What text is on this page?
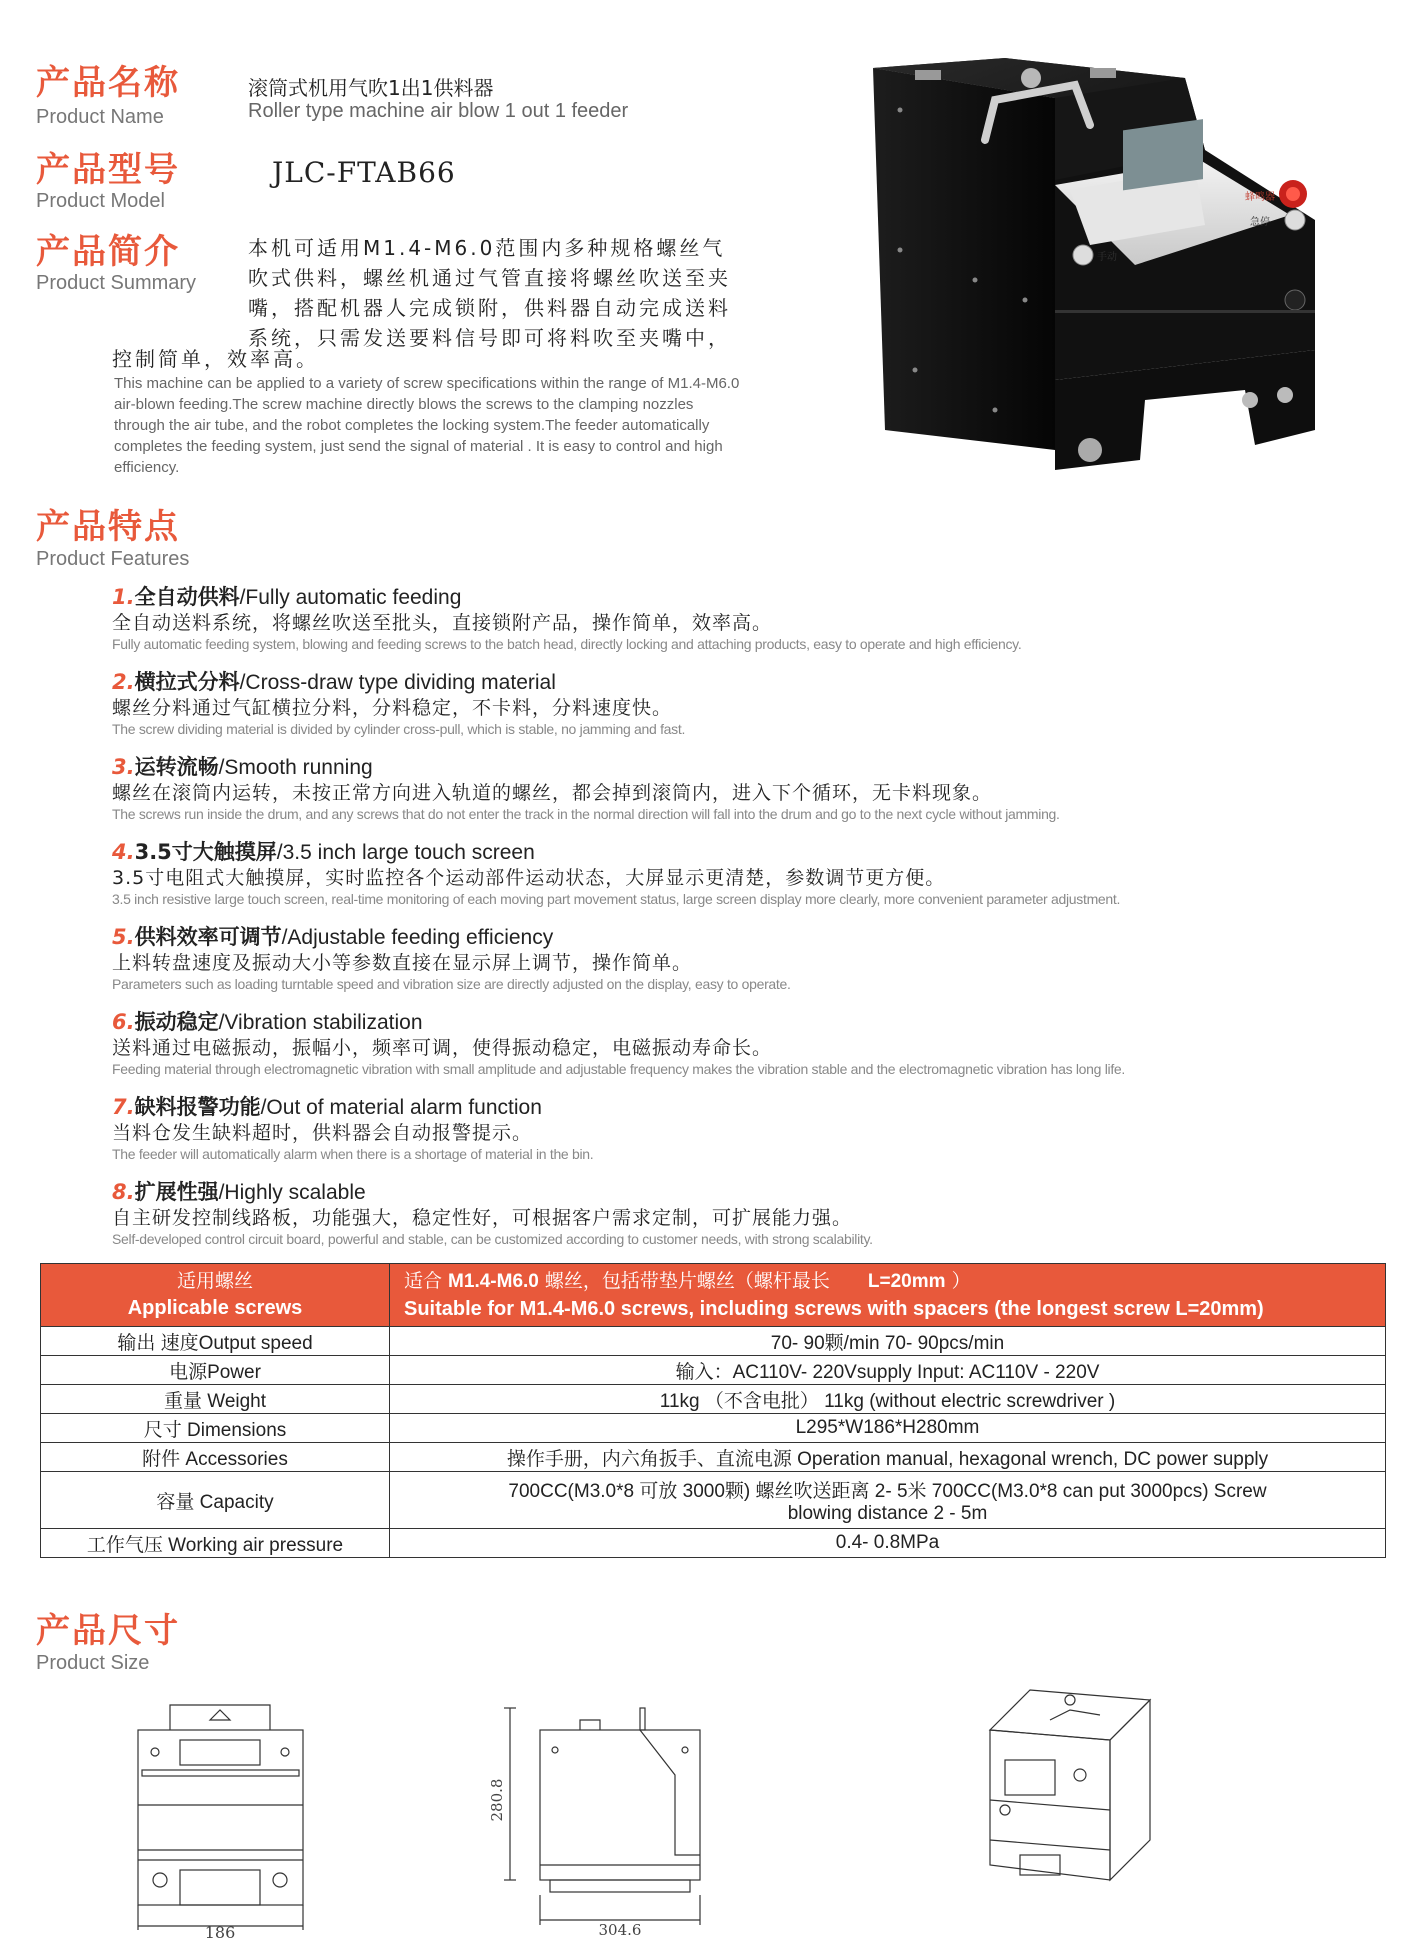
产品名称
Product Name
滚筒式机用气吹1出1供料器
Roller type machine air blow 1 out 1 feeder
产品型号
Product Model
JLC-FTAB66
产品简介
Product Summary
本机可适用M1.4-M6.0范围内多种规格螺丝气
吹式供料，螺丝机通过气管直接将螺丝吹送至夹
嘴，搭配机器人完成锁附，供料器自动完成送料
系统，只需发送要料信号即可将料吹至夹嘴中，
控制简单，效率高。
This machine can be applied to a variety of screw specifications within the range of M1.4-M6.0
air-blown feeding.The screw machine directly blows the screws to the clamping nozzles
through the air tube, and the robot completes the locking system.The feeder automatically
completes the feeding system, just send the signal of material . It is easy to control and high
efficiency.
蜂鸣器
急停
手动
产品特点
Product Features
1.全自动供料/Fully automatic feeding
全自动送料系统，将螺丝吹送至批头，直接锁附产品，操作简单，效率高。
Fully automatic feeding system, blowing and feeding screws to the batch head, directly locking and attaching products, easy to operate and high efficiency.
2.横拉式分料/Cross-draw type dividing material
螺丝分料通过气缸横拉分料，分料稳定，不卡料，分料速度快。
The screw dividing material is divided by cylinder cross-pull, which is stable, no jamming and fast.
3.运转流畅/Smooth running
螺丝在滚筒内运转，未按正常方向进入轨道的螺丝，都会掉到滚筒内，进入下个循环，无卡料现象。
The screws run inside the drum, and any screws that do not enter the track in the normal direction will fall into the drum and go to the next cycle without jamming.
4.3.5寸大触摸屏/3.5 inch large touch screen
3.5寸电阻式大触摸屏，实时监控各个运动部件运动状态，大屏显示更清楚，参数调节更方便。
3.5 inch resistive large touch screen, real-time monitoring of each moving part movement status, large screen display more clearly, more convenient parameter adjustment.
5.供料效率可调节/Adjustable feeding efficiency
上料转盘速度及振动大小等参数直接在显示屏上调节，操作简单。
Parameters such as loading turntable speed and vibration size are directly adjusted on the display, easy to operate.
6.振动稳定/Vibration stabilization
送料通过电磁振动，振幅小，频率可调，使得振动稳定，电磁振动寿命长。
Feeding material through electromagnetic vibration with small amplitude and adjustable frequency makes the vibration stable and the electromagnetic vibration has long life.
7.缺料报警功能/Out of material alarm function
当料仓发生缺料超时，供料器会自动报警提示。
The feeder will automatically alarm when there is a shortage of material in the bin.
8.扩展性强/Highly scalable
自主研发控制线路板，功能强大，稳定性好，可根据客户需求定制，可扩展能力强。
Self-developed control circuit board, powerful and stable, can be customized according to customer needs, with strong scalability.
适用螺丝
Applicable screws	适合 M1.4-M6.0 螺丝，包括带垫片螺丝（螺杆最长　　L=20mm ）
Suitable for M1.4-M6.0 screws, including screws with spacers (the longest screw L=20mm)

输出 速度Output speed	70- 90颗/min 70- 90pcs/min
电源Power	输入：AC110V- 220Vsupply Input: AC110V - 220V
重量 Weight	11kg （不含电批） 11kg (without electric screwdriver )
尺寸 Dimensions	L295*W186*H280mm
附件 Accessories	操作手册，内六角扳手、直流电源 Operation manual, hexagonal wrench, DC power supply
容量 Capacity	700CC(M3.0*8 可放 3000颗) 螺丝吹送距离 2- 5米 700CC(M3.0*8 can put 3000pcs) Screw
blowing distance 2 - 5m

工作气压 Working air pressure	0.4- 0.8MPa
产品尺寸
Product Size
186
280.8
304.6
